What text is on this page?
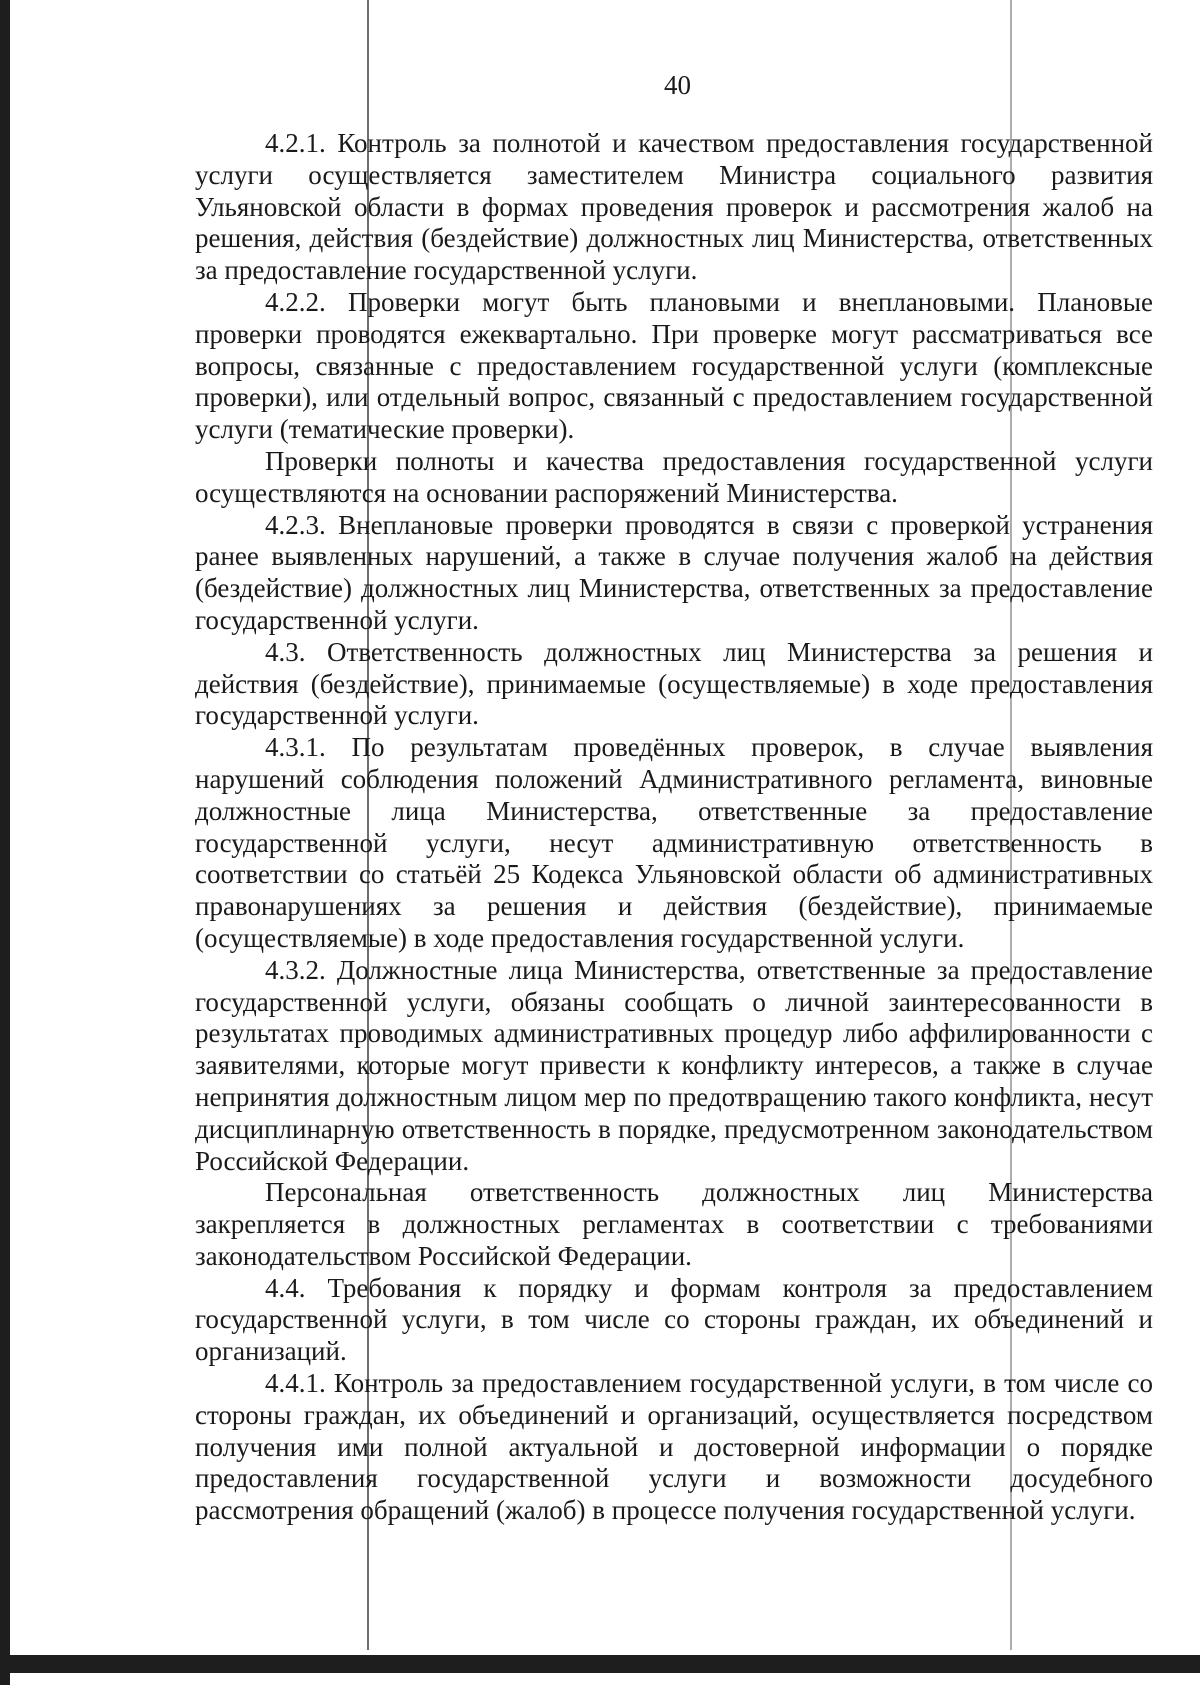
40

4.2.1. Контроль за полнотой и качеством предоставления государственной услуги осуществляется заместителем Министра социального развития Ульяновской области в формах проведения проверок и рассмотрения жалоб на решения, действия (бездействие) должностных лиц Министерства, ответственных за предоставление государственной услуги.

4.2.2. Проверки могут быть плановыми и внеплановыми. Плановые проверки проводятся ежеквартально. При проверке могут рассматриваться все вопросы, связанные с предоставлением государственной услуги (комплексные проверки), или отдельный вопрос, связанный с предоставлением государственной услуги (тематические проверки).

Проверки полноты и качества предоставления государственной услуги осуществляются на основании распоряжений Министерства.

4.2.3. Внеплановые проверки проводятся в связи с проверкой устранения ранее выявленных нарушений, а также в случае получения жалоб на действия (бездействие) должностных лиц Министерства, ответственных за предоставление государственной услуги.

4.3. Ответственность должностных лиц Министерства за решения и действия (бездействие), принимаемые (осуществляемые) в ходе предоставления государственной услуги.

4.3.1. По результатам проведённых проверок, в случае выявления нарушений соблюдения положений Административного регламента, виновные должностные лица Министерства, ответственные за предоставление государственной услуги, несут административную ответственность в соответствии со статьёй 25 Кодекса Ульяновской области об административных правонарушениях за решения и действия (бездействие), принимаемые (осуществляемые) в ходе предоставления государственной услуги.

4.3.2. Должностные лица Министерства, ответственные за предоставление государственной услуги, обязаны сообщать о личной заинтересованности в результатах проводимых административных процедур либо аффилированности с заявителями, которые могут привести к конфликту интересов, а также в случае непринятия должностным лицом мер по предотвращению такого конфликта, несут дисциплинарную ответственность в порядке, предусмотренном законодательством Российской Федерации.

Персональная ответственность должностных лиц Министерства закрепляется в должностных регламентах в соответствии с требованиями законодательством Российской Федерации.

4.4. Требования к порядку и формам контроля за предоставлением государственной услуги, в том числе со стороны граждан, их объединений и организаций.

4.4.1. Контроль за предоставлением государственной услуги, в том числе со стороны граждан, их объединений и организаций, осуществляется посредством получения ими полной актуальной и достоверной информации о порядке предоставления государственной услуги и возможности досудебного рассмотрения обращений (жалоб) в процессе получения государственной услуги.
